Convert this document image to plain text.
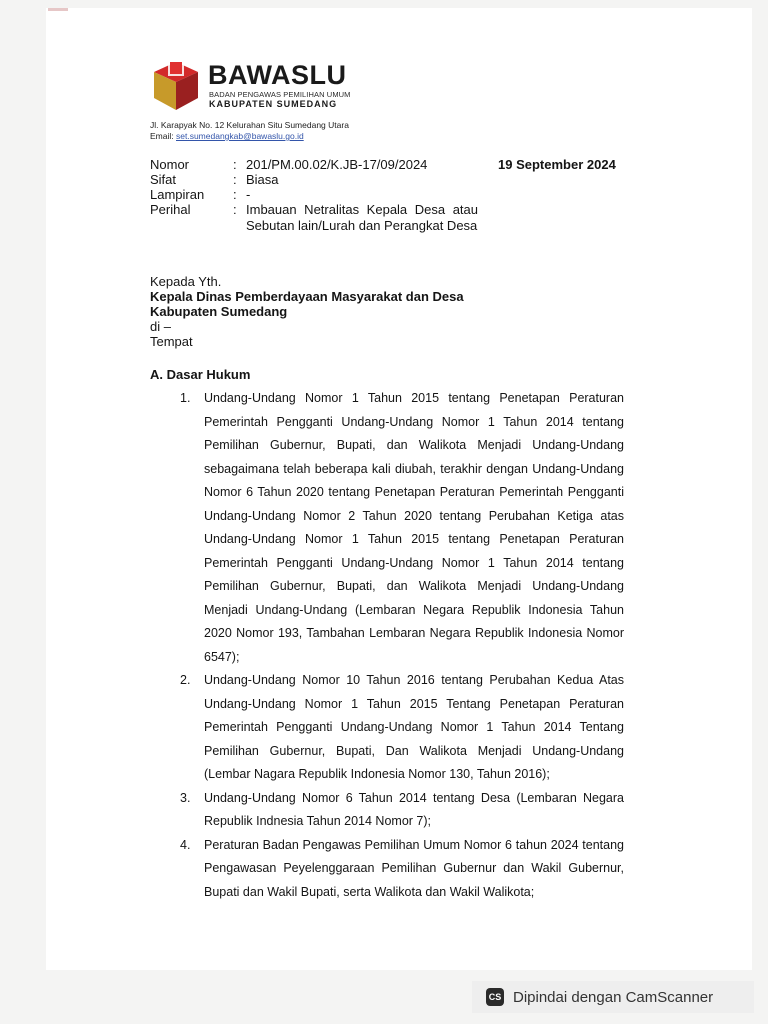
BAWASLU
BADAN PENGAWAS PEMILIHAN UMUM
KABUPATEN SUMEDANG
Jl. Karapyak No. 12 Kelurahan Situ Sumedang Utara
Email: set.sumedangkab@bawaslu.go.id
Nomor	: 201/PM.00.02/K.JB-17/09/2024
Sifat	: Biasa
Lampiran : -
Perihal	: Imbauan Netralitas Kepala Desa atau Sebutan lain/Lurah dan Perangkat Desa
19 September 2024
Kepada Yth.
Kepala Dinas Pemberdayaan Masyarakat dan Desa
Kabupaten Sumedang
di –
Tempat
A. Dasar Hukum
1. Undang-Undang Nomor 1 Tahun 2015 tentang Penetapan Peraturan Pemerintah Pengganti Undang-Undang Nomor 1 Tahun 2014 tentang Pemilihan Gubernur, Bupati, dan Walikota Menjadi Undang-Undang sebagaimana telah beberapa kali diubah, terakhir dengan Undang-Undang Nomor 6 Tahun 2020 tentang Penetapan Peraturan Pemerintah Pengganti Undang-Undang Nomor 2 Tahun 2020 tentang Perubahan Ketiga atas Undang-Undang Nomor 1 Tahun 2015 tentang Penetapan Peraturan Pemerintah Pengganti Undang-Undang Nomor 1 Tahun 2014 tentang Pemilihan Gubernur, Bupati, dan Walikota Menjadi Undang-Undang Menjadi Undang-Undang (Lembaran Negara Republik Indonesia Tahun 2020 Nomor 193, Tambahan Lembaran Negara Republik Indonesia Nomor 6547);
2. Undang-Undang Nomor 10 Tahun 2016 tentang Perubahan Kedua Atas Undang-Undang Nomor 1 Tahun 2015 Tentang Penetapan Peraturan Pemerintah Pengganti Undang-Undang Nomor 1 Tahun 2014 Tentang Pemilihan Gubernur, Bupati, Dan Walikota Menjadi Undang-Undang (Lembar Nagara Republik Indonesia Nomor 130, Tahun 2016);
3. Undang-Undang Nomor 6 Tahun 2014 tentang Desa (Lembaran Negara Republik Indnesia Tahun 2014 Nomor 7);
4. Peraturan Badan Pengawas Pemilihan Umum Nomor 6 tahun 2024 tentang Pengawasan Peyelenggaraan Pemilihan Gubernur dan Wakil Gubernur, Bupati dan Wakil Bupati, serta Walikota dan Wakil Walikota;
CS Dipindai dengan CamScanner
